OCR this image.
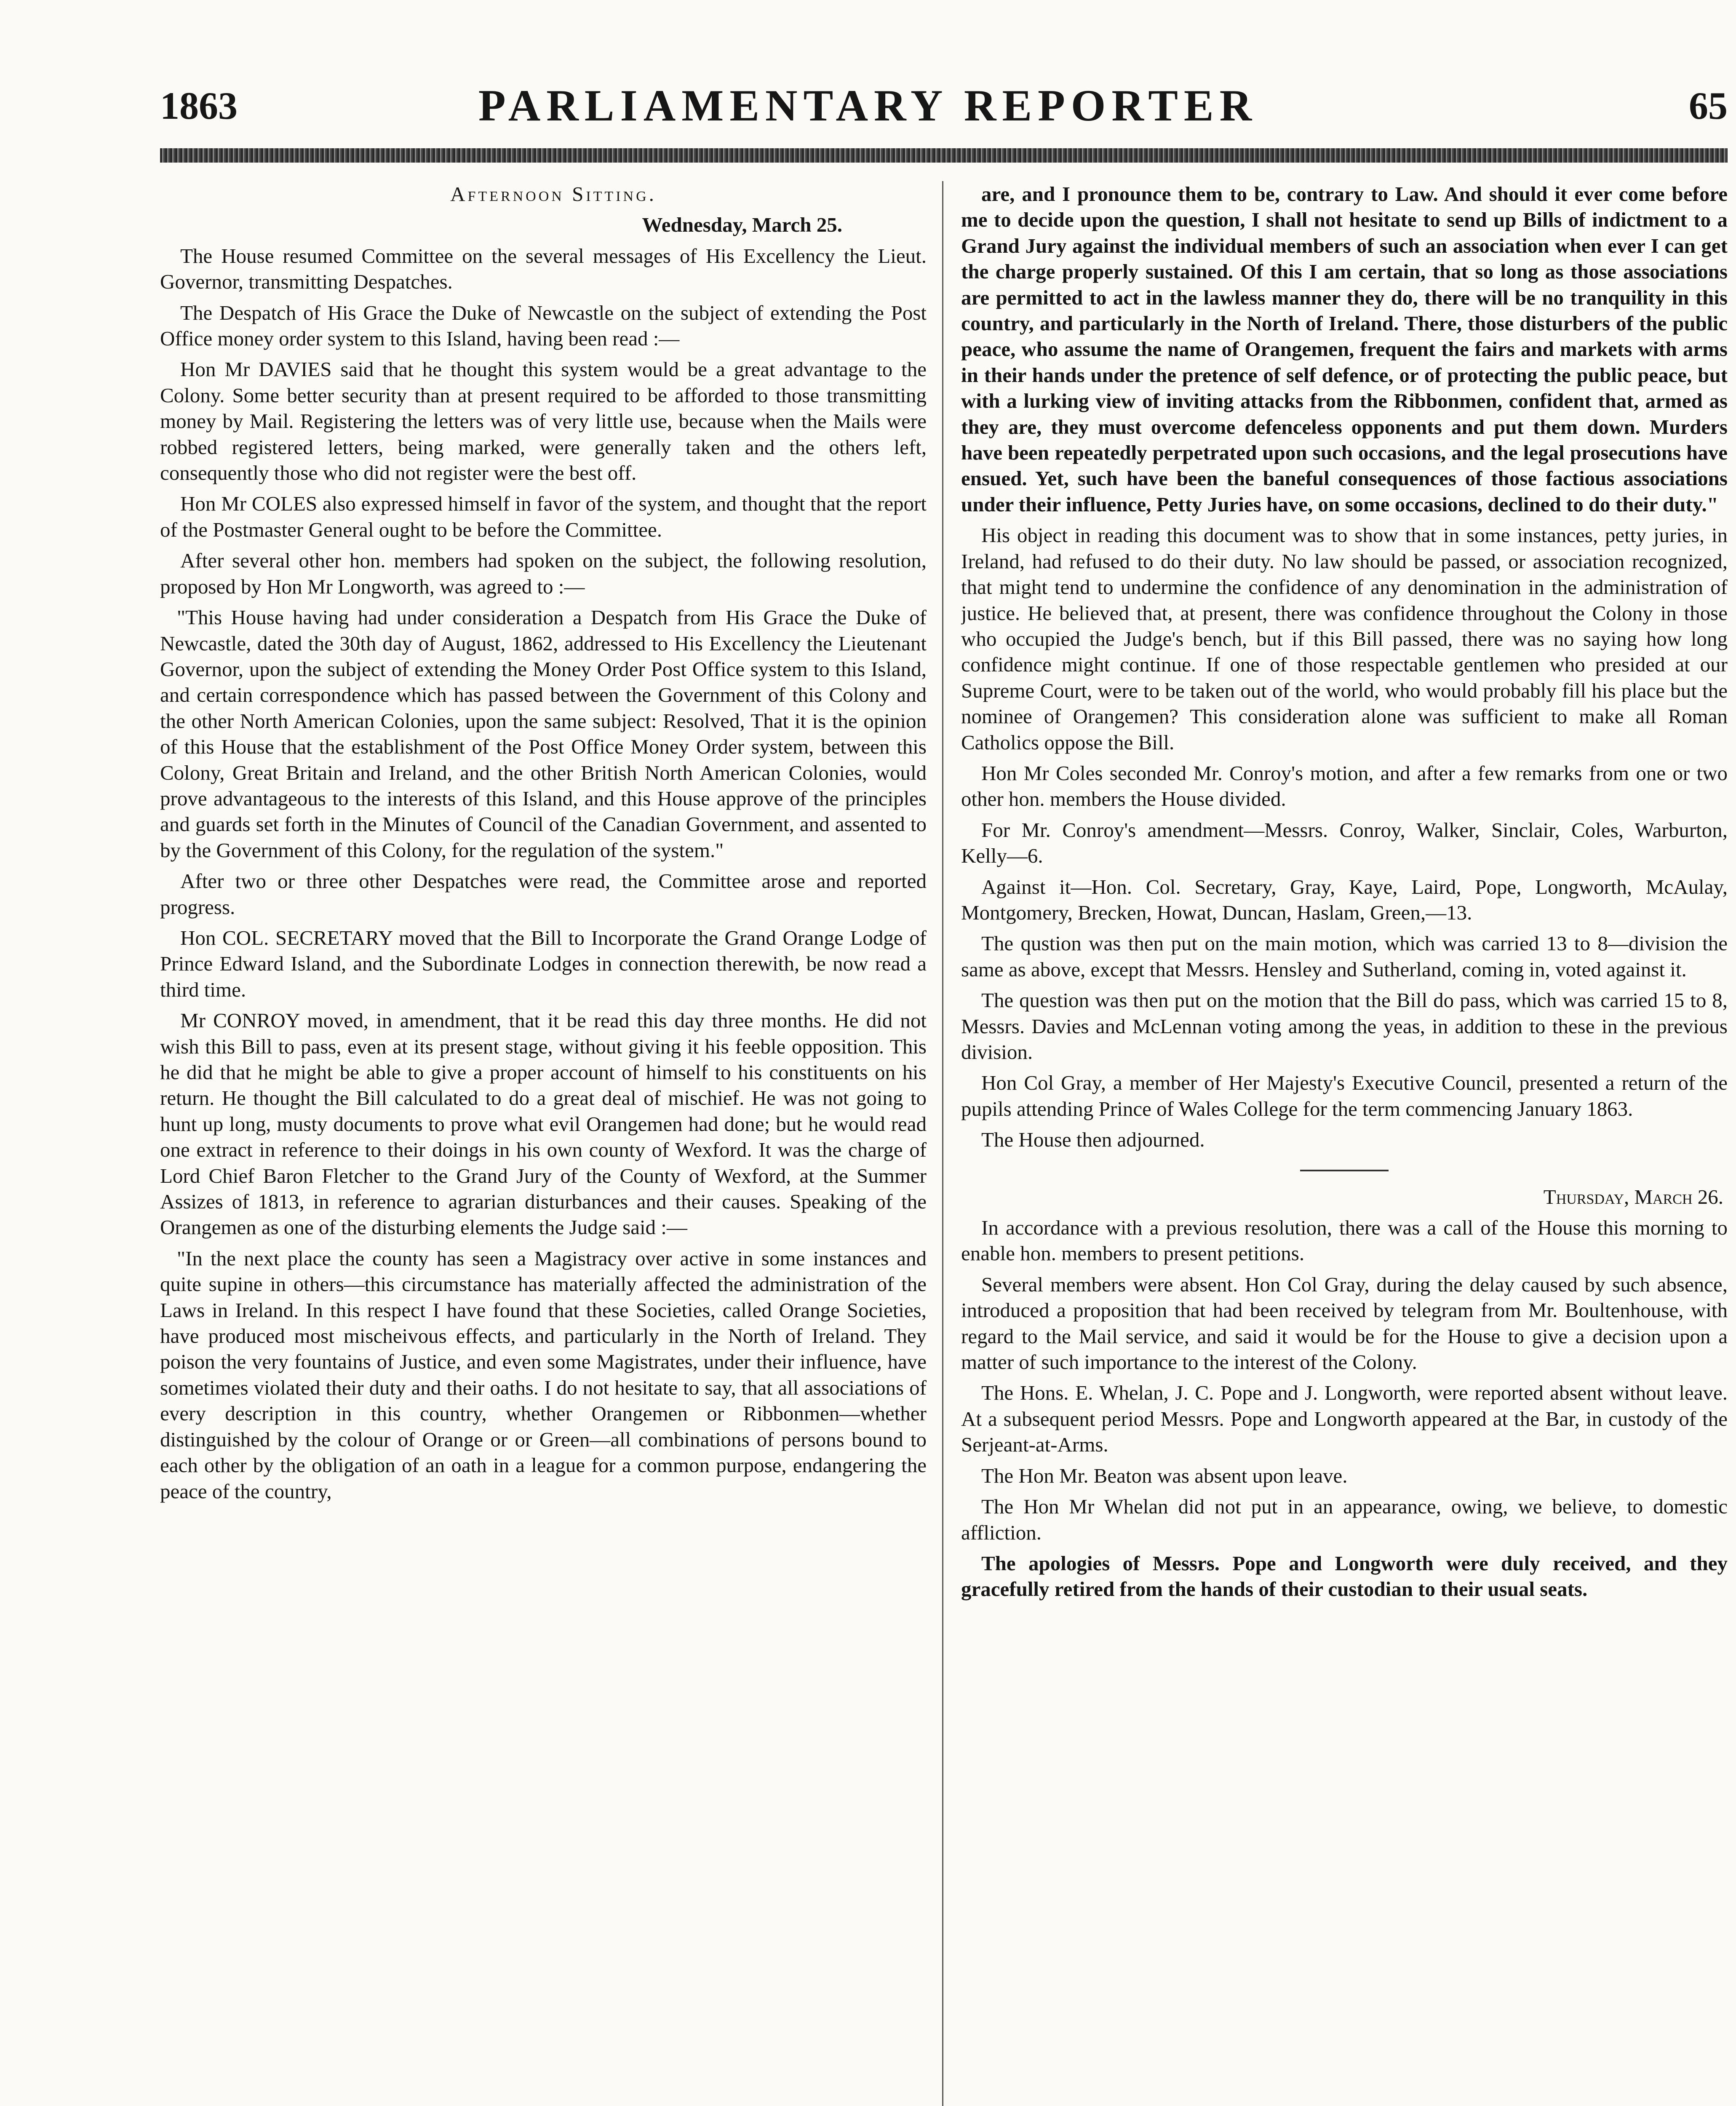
1863	PARLIAMENTARY REPORTER	65

Afternoon Sitting.

Wednesday, March 25.

The House resumed Committee on the several messages of His Excellency the Lieut. Governor, transmitting Despatches.

The Despatch of His Grace the Duke of Newcastle on the subject of extending the Post Office money order system to this Island, having been read :—

Hon Mr DAVIES said that he thought this system would be a great advantage to the Colony. Some better security than at present required to be afforded to those transmitting money by Mail. Registering the letters was of very little use, because when the Mails were robbed registered letters, being marked, were generally taken and the others left, consequently those who did not register were the best off.

Hon Mr COLES also expressed himself in favor of the system, and thought that the report of the Postmaster General ought to be before the Committee.

After several other hon. members had spoken on the subject, the following resolution, proposed by Hon Mr Longworth, was agreed to :—

"This House having had under consideration a Despatch from His Grace the Duke of Newcastle, dated the 30th day of August, 1862, addressed to His Excellency the Lieutenant Governor, upon the subject of extending the Money Order Post Office system to this Island, and certain correspondence which has passed between the Government of this Colony and the other North American Colonies, upon the same subject: Resolved, That it is the opinion of this House that the establishment of the Post Office Money Order system, between this Colony, Great Britain and Ireland, and the other British North American Colonies, would prove advantageous to the interests of this Island, and this House approve of the principles and guards set forth in the Minutes of Council of the Canadian Government, and assented to by the Government of this Colony, for the regulation of the system."

After two or three other Despatches were read, the Committee arose and reported progress.

Hon COL. SECRETARY moved that the Bill to Incorporate the Grand Orange Lodge of Prince Edward Island, and the Subordinate Lodges in connection therewith, be now read a third time.

Mr CONROY moved, in amendment, that it be read this day three months. He did not wish this Bill to pass, even at its present stage, without giving it his feeble opposition. This he did that he might be able to give a proper account of himself to his constituents on his return. He thought the Bill calculated to do a great deal of mischief. He was not going to hunt up long, musty documents to prove what evil Orangemen had done; but he would read one extract in reference to their doings in his own county of Wexford. It was the charge of Lord Chief Baron Fletcher to the Grand Jury of the County of Wexford, at the Summer Assizes of 1813, in reference to agrarian disturbances and their causes. Speaking of the Orangemen as one of the disturbing elements the Judge said :—

"In the next place the county has seen a Magistracy over active in some instances and quite supine in others—this circumstance has materially affected the administration of the Laws in Ireland. In this respect I have found that these Societies, called Orange Societies, have produced most mischeivous effects, and particularly in the North of Ireland. They poison the very fountains of Justice, and even some Magistrates, under their influence, have sometimes violated their duty and their oaths. I do not hesitate to say, that all associations of every description in this country, whether Orangemen or Ribbonmen—whether distinguished by the colour of Orange or or Green—all combinations of persons bound to each other by the obligation of an oath in a league for a common purpose, endangering the peace of the country,

are, and I pronounce them to be, contrary to Law. And should it ever come before me to decide upon the question, I shall not hesitate to send up Bills of indictment to a Grand Jury against the individual members of such an association when ever I can get the charge properly sustained. Of this I am certain, that so long as those associations are permitted to act in the lawless manner they do, there will be no tranquility in this country, and particularly in the North of Ireland. There, those disturbers of the public peace, who assume the name of Orangemen, frequent the fairs and markets with arms in their hands under the pretence of self defence, or of protecting the public peace, but with a lurking view of inviting attacks from the Ribbonmen, confident that, armed as they are, they must overcome defenceless opponents and put them down. Murders have been repeatedly perpetrated upon such occasions, and the legal prosecutions have ensued. Yet, such have been the baneful consequences of those factious associations under their influence, Petty Juries have, on some occasions, declined to do their duty."

His object in reading this document was to show that in some instances, petty juries, in Ireland, had refused to do their duty. No law should be passed, or association recognized, that might tend to undermine the confidence of any denomination in the administration of justice. He believed that, at present, there was confidence throughout the Colony in those who occupied the Judge's bench, but if this Bill passed, there was no saying how long confidence might continue. If one of those respectable gentlemen who presided at our Supreme Court, were to be taken out of the world, who would probably fill his place but the nominee of Orangemen? This consideration alone was sufficient to make all Roman Catholics oppose the Bill.

Hon Mr Coles seconded Mr. Conroy's motion, and after a few remarks from one or two other hon. members the House divided.

For Mr. Conroy's amendment—Messrs. Conroy, Walker, Sinclair, Coles, Warburton, Kelly—6.

Against it—Hon. Col. Secretary, Gray, Kaye, Laird, Pope, Longworth, McAulay, Montgomery, Brecken, Howat, Duncan, Haslam, Green,—13.

The qustion was then put on the main motion, which was carried 13 to 8—division the same as above, except that Messrs. Hensley and Sutherland, coming in, voted against it.

The question was then put on the motion that the Bill do pass, which was carried 15 to 8, Messrs. Davies and McLennan voting among the yeas, in addition to these in the previous division.

Hon Col Gray, a member of Her Majesty's Executive Council, presented a return of the pupils attending Prince of Wales College for the term commencing January 1863.

The House then adjourned.

Thursday, March 26.

In accordance with a previous resolution, there was a call of the House this morning to enable hon. members to present petitions.

Several members were absent. Hon Col Gray, during the delay caused by such absence, introduced a proposition that had been received by telegram from Mr. Boultenhouse, with regard to the Mail service, and said it would be for the House to give a decision upon a matter of such importance to the interest of the Colony.

The Hons. E. Whelan, J. C. Pope and J. Longworth, were reported absent without leave. At a subsequent period Messrs. Pope and Longworth appeared at the Bar, in custody of the Serjeant-at-Arms.

The Hon Mr. Beaton was absent upon leave.

The Hon Mr Whelan did not put in an appearance, owing, we believe, to domestic affliction.

The apologies of Messrs. Pope and Longworth were duly received, and they gracefully retired from the hands of their custodian to their usual seats.
